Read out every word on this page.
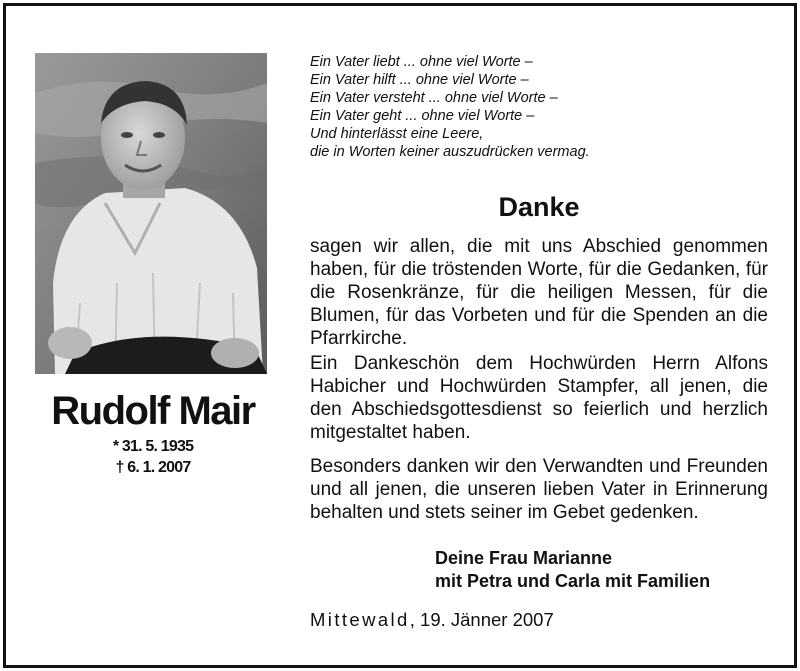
Rudolf Mair
* 31. 5. 1935
† 6. 1. 2007
Ein Vater liebt ... ohne viel Worte –
Ein Vater hilft ... ohne viel Worte –
Ein Vater versteht ... ohne viel Worte –
Ein Vater geht ... ohne viel Worte –
Und hinterlässt eine Leere,
die in Worten keiner auszudrücken vermag.
Danke

sagen wir allen, die mit uns Abschied genommen haben, für die tröstenden Worte, für die Gedanken, für die Rosenkränze, für die heiligen Messen, für die Blumen, für das Vorbeten und für die Spenden an die Pfarrkirche.

Ein Dankeschön dem Hochwürden Herrn Alfons Habicher und Hochwürden Stampfer, all jenen, die den Abschiedsgottesdienst so feierlich und herzlich mitgestaltet haben.

Besonders danken wir den Verwandten und Freunden und all jenen, die unseren lieben Vater in Erinnerung behalten und stets seiner im Gebet gedenken.

Deine Frau Marianne
mit Petra und Carla mit Familien
Mittewald, 19. Jänner 2007
